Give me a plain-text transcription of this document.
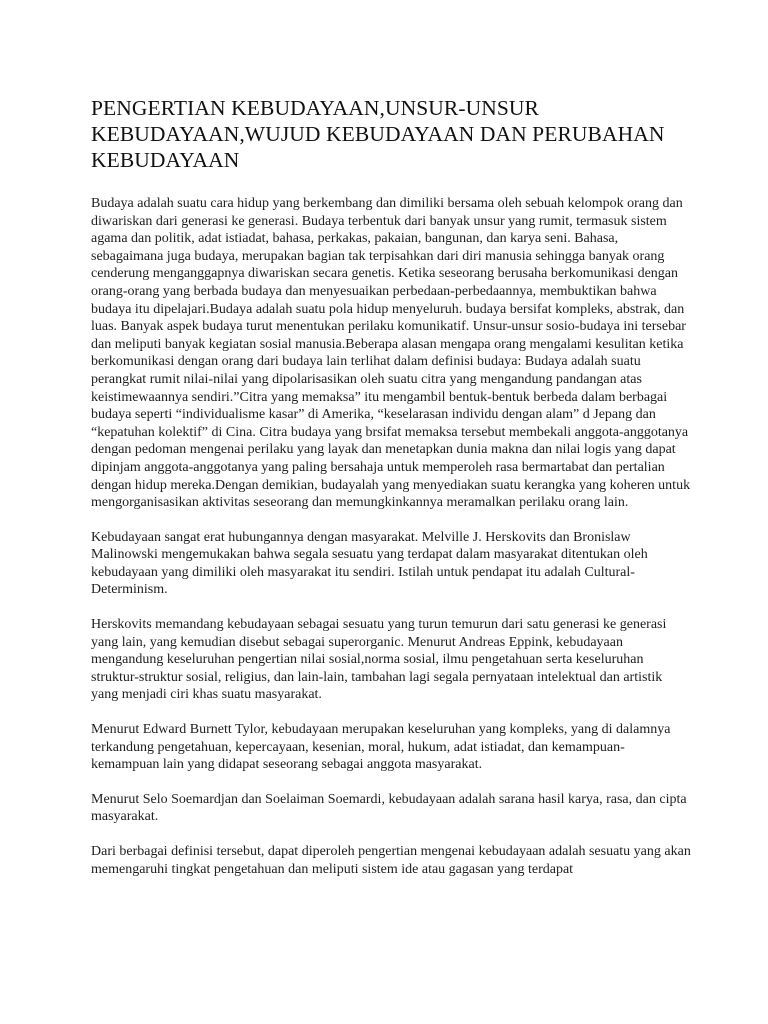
PENGERTIAN KEBUDAYAAN,UNSUR-UNSUR KEBUDAYAAN,WUJUD KEBUDAYAAN DAN PERUBAHAN KEBUDAYAAN

Budaya adalah suatu cara hidup yang berkembang dan dimiliki bersama oleh sebuah kelompok orang dan diwariskan dari generasi ke generasi. Budaya terbentuk dari banyak unsur yang rumit, termasuk sistem agama dan politik, adat istiadat, bahasa, perkakas, pakaian, bangunan, dan karya seni. Bahasa, sebagaimana juga budaya, merupakan bagian tak terpisahkan dari diri manusia sehingga banyak orang cenderung menganggapnya diwariskan secara genetis. Ketika seseorang berusaha berkomunikasi dengan orang-orang yang berbada budaya dan menyesuaikan perbedaan-perbedaannya, membuktikan bahwa budaya itu dipelajari.Budaya adalah suatu pola hidup menyeluruh. budaya bersifat kompleks, abstrak, dan luas. Banyak aspek budaya turut menentukan perilaku komunikatif. Unsur-unsur sosio-budaya ini tersebar dan meliputi banyak kegiatan sosial manusia.Beberapa alasan mengapa orang mengalami kesulitan ketika berkomunikasi dengan orang dari budaya lain terlihat dalam definisi budaya: Budaya adalah suatu perangkat rumit nilai-nilai yang dipolarisasikan oleh suatu citra yang mengandung pandangan atas keistimewaannya sendiri.”Citra yang memaksa” itu mengambil bentuk-bentuk berbeda dalam berbagai budaya seperti “individualisme kasar” di Amerika, “keselarasan individu dengan alam” d Jepang dan “kepatuhan kolektif” di Cina. Citra budaya yang brsifat memaksa tersebut membekali anggota-anggotanya dengan pedoman mengenai perilaku yang layak dan menetapkan dunia makna dan nilai logis yang dapat dipinjam anggota-anggotanya yang paling bersahaja untuk memperoleh rasa bermartabat dan pertalian dengan hidup mereka.Dengan demikian, budayalah yang menyediakan suatu kerangka yang koheren untuk mengorganisasikan aktivitas seseorang dan memungkinkannya meramalkan perilaku orang lain.

Kebudayaan sangat erat hubungannya dengan masyarakat. Melville J. Herskovits dan Bronislaw Malinowski mengemukakan bahwa segala sesuatu yang terdapat dalam masyarakat ditentukan oleh kebudayaan yang dimiliki oleh masyarakat itu sendiri. Istilah untuk pendapat itu adalah Cultural-Determinism.

Herskovits memandang kebudayaan sebagai sesuatu yang turun temurun dari satu generasi ke generasi yang lain, yang kemudian disebut sebagai superorganic. Menurut Andreas Eppink, kebudayaan mengandung keseluruhan pengertian nilai sosial,norma sosial, ilmu pengetahuan serta keseluruhan struktur-struktur sosial, religius, dan lain-lain, tambahan lagi segala pernyataan intelektual dan artistik yang menjadi ciri khas suatu masyarakat.

Menurut Edward Burnett Tylor, kebudayaan merupakan keseluruhan yang kompleks, yang di dalamnya terkandung pengetahuan, kepercayaan, kesenian, moral, hukum, adat istiadat, dan kemampuan-kemampuan lain yang didapat seseorang sebagai anggota masyarakat.

Menurut Selo Soemardjan dan Soelaiman Soemardi, kebudayaan adalah sarana hasil karya, rasa, dan cipta masyarakat.

Dari berbagai definisi tersebut, dapat diperoleh pengertian mengenai kebudayaan adalah sesuatu yang akan memengaruhi tingkat pengetahuan dan meliputi sistem ide atau gagasan yang terdapat
